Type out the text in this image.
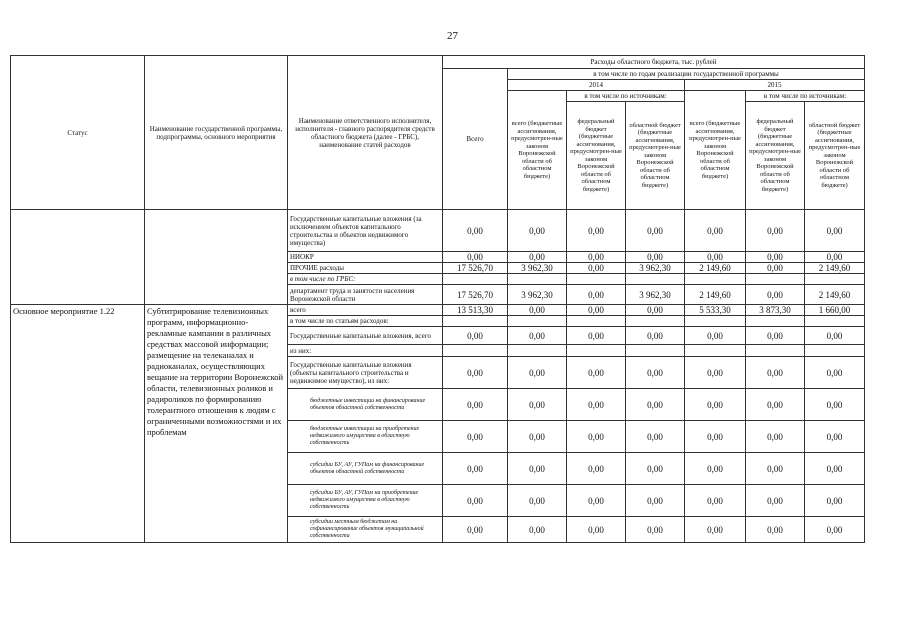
27
Статус	Наименование государственной программы, подпрограммы, основного мероприятия	Наименование ответственного исполнителя, исполнителя - главного распорядителя средств областного бюджета (далее - ГРБС), наименование статей расходов	Расходы областного бюджета, тыс. рублей						
			Всего	в том числе по годам реализации государственной программы					
				2014			2015		
				всего (бюджетные ассигнования, предусмотрен-ные законом Воронежской области об областном бюджете)	в том числе по источникам:		всего (бюджетные ассигнования, предусмотрен-ные законом Воронежской области об областном бюджете)	в том числе по источникам:	
					федеральный бюджет (бюджетные ассигнования, предусмотрен-ные законом Воронежской области об областном бюджете)	областной бюджет (бюджетные ассигнования, предусмотрен-ные законом Воронежской области об областном бюджете)		федеральный бюджет (бюджетные ассигнования, предусмотрен-ные законом Воронежской области об областном бюджете)	областной бюджет (бюджетные ассигнования, предусмотрен-ные законом Воронежской области об областном бюджете)
		Государственные капитальные вложения (за исключением объектов капитального строительства и объектов недвижимого имущества)	0,00	0,00	0,00	0,00	0,00	0,00	0,00
		НИОКР	0,00	0,00	0,00	0,00	0,00	0,00	0,00
		ПРОЧИЕ расходы	17 526,70	3 962,30	0,00	3 962,30	2 149,60	0,00	2 149,60
		в том числе по ГРБС:							
		департамент труда и занятости населения Воронежской области	17 526,70	3 962,30	0,00	3 962,30	2 149,60	0,00	2 149,60
Основное мероприятие 1.22	Субтитрирование телевизионных программ, информационно-рекламные кампании в различных средствах массовой информации; размещение на телеканалах и радиоканалах, осуществляющих вещание на территории Воронежской области, телевизионных роликов и радироликов по формированию толерантного отношения к людям с ограниченными возможностями и их проблемам	всего	13 513,30	0,00	0,00	0,00	5 533,30	3 873,30	1 660,00
		в том числе по статьям расходов:							
		Государственные капитальные вложения, всего	0,00	0,00	0,00	0,00	0,00	0,00	0,00
		из них:							
		Государственные капитальные вложения (объекты капитального строительства и недвижимое имущество), из них:	0,00	0,00	0,00	0,00	0,00	0,00	0,00
		бюджетные инвестиции на финансирование объектов областной собственности	0,00	0,00	0,00	0,00	0,00	0,00	0,00
		бюджетные инвестиции на приобретение недвижимого имущества в областную собственность	0,00	0,00	0,00	0,00	0,00	0,00	0,00
		субсидии БУ, АУ, ГУПам на финансирование объектов областной собственности	0,00	0,00	0,00	0,00	0,00	0,00	0,00
		субсидии БУ, АУ, ГУПам на приобретение недвижимого имущества в областную собственность	0,00	0,00	0,00	0,00	0,00	0,00	0,00
		субсидии местным бюджетам на софинансирование объектов муниципальной собственности	0,00	0,00	0,00	0,00	0,00	0,00	0,00
